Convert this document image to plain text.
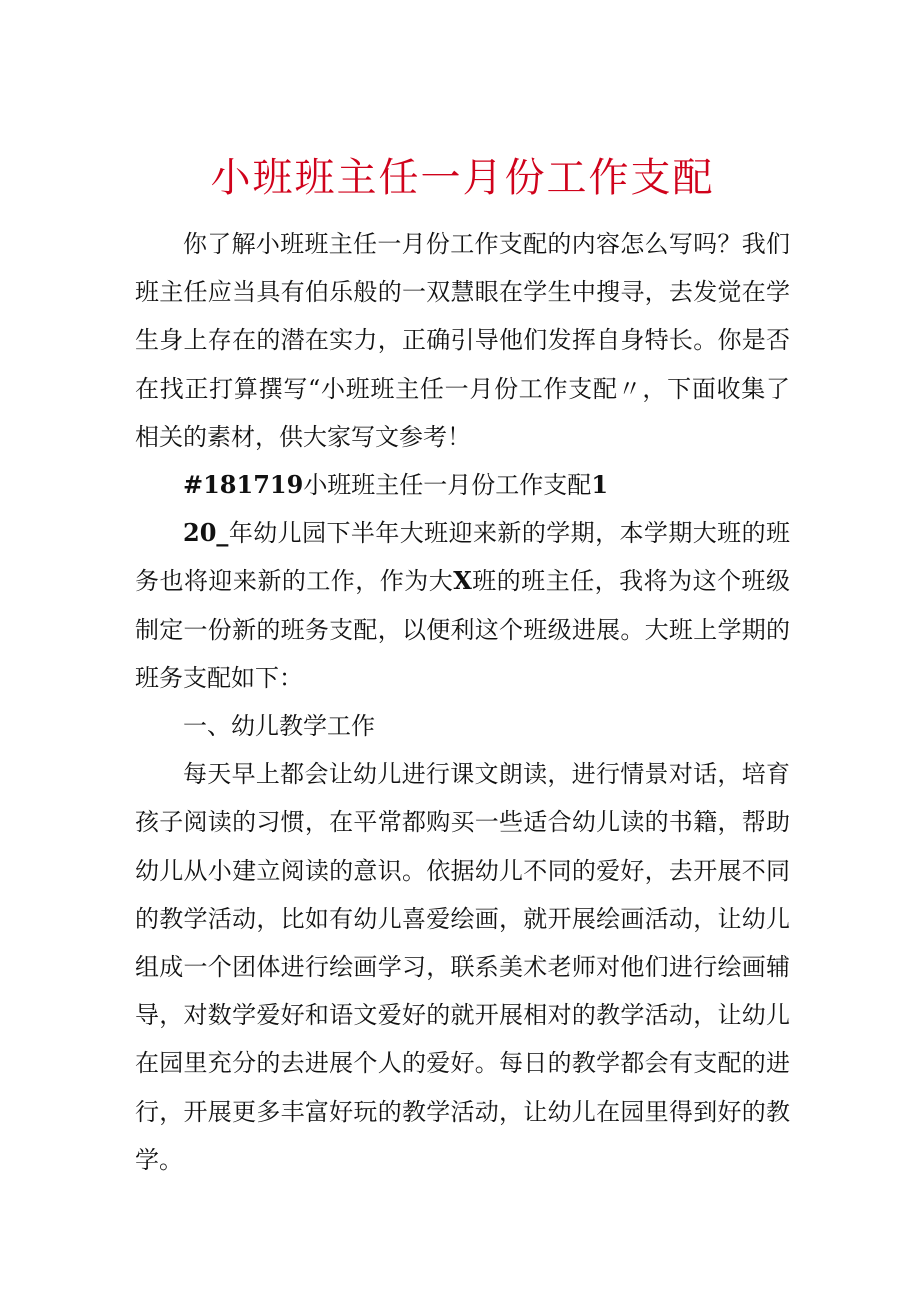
小班班主任一月份工作支配

你了解小班班主任一月份工作支配的内容怎么写吗？我们班主任应当具有伯乐般的一双慧眼在学生中搜寻，去发觉在学生身上存在的潜在实力，正确引导他们发挥自身特长。你是否在找正打算撰写“小班班主任一月份工作支配〃，下面收集了相关的素材，供大家写文参考！

#181719小班班主任一月份工作支配1

20_年幼儿园下半年大班迎来新的学期，本学期大班的班务也将迎来新的工作，作为大X班的班主任，我将为这个班级制定一份新的班务支配，以便利这个班级进展。大班上学期的班务支配如下：

一、幼儿教学工作

每天早上都会让幼儿进行课文朗读，进行情景对话，培育孩子阅读的习惯，在平常都购买一些适合幼儿读的书籍，帮助幼儿从小建立阅读的意识。依据幼儿不同的爱好，去开展不同的教学活动，比如有幼儿喜爱绘画，就开展绘画活动，让幼儿组成一个团体进行绘画学习，联系美术老师对他们进行绘画辅导，对数学爱好和语文爱好的就开展相对的教学活动，让幼儿在园里充分的去进展个人的爱好。每日的教学都会有支配的进行，开展更多丰富好玩的教学活动，让幼儿在园里得到好的教学。
